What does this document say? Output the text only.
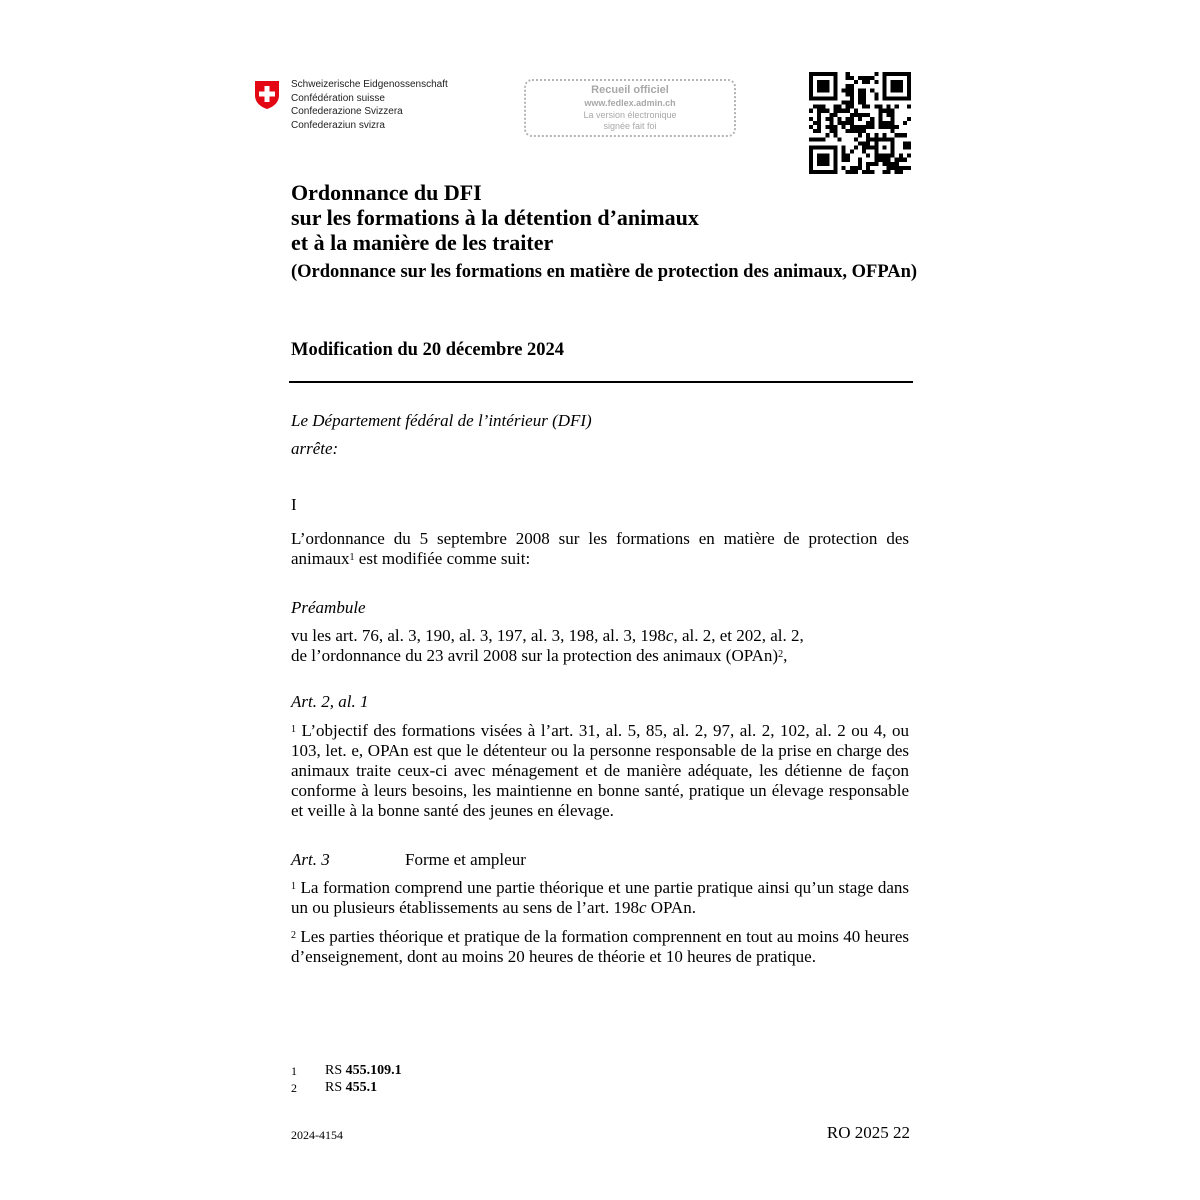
Schweizerische Eidgenossenschaft
Confédération suisse
Confederazione Svizzera
Confederaziun svizra
Recueil officiel
www.fedlex.admin.ch
La version électronique
signée fait foi
Ordonnance du DFI
sur les formations à la détention d’animaux
et à la manière de les traiter
(Ordonnance sur les formations en matière de protection des animaux, OFPAn)
Modification du 20 décembre 2024
Le Département fédéral de l’intérieur (DFI)
arrête:
I
L’ordonnance du 5 septembre 2008 sur les formations en matière de protection des animaux$^1$ est modifiée comme suit:
Préambule
vu les art. 76, al. 3, 190, al. 3, 197, al. 3, 198, al. 3, 198c, al. 2, et 202, al. 2,
de l’ordonnance du 23 avril 2008 sur la protection des animaux (OPAn)$^2$,
Art. 2, al. 1
$^1$ L’objectif des formations visées à l’art. 31, al. 5, 85, al. 2, 97, al. 2, 102, al. 2 ou 4, ou 103, let. e, OPAn est que le détenteur ou la personne responsable de la prise en charge des animaux traite ceux-ci avec ménagement et de manière adéquate, les détienne de façon conforme à leurs besoins, les maintienne en bonne santé, pratique un élevage responsable et veille à la bonne santé des jeunes en élevage.
Art. 3	Forme et ampleur
$^1$ La formation comprend une partie théorique et une partie pratique ainsi qu’un stage dans un ou plusieurs établissements au sens de l’art. 198c OPAn.
$^2$ Les parties théorique et pratique de la formation comprennent en tout au moins 40 heures d’enseignement, dont au moins 20 heures de théorie et 10 heures de pratique.
1 RS 455.109.1
2 RS 455.1
2024-4154	RO 2025 22
